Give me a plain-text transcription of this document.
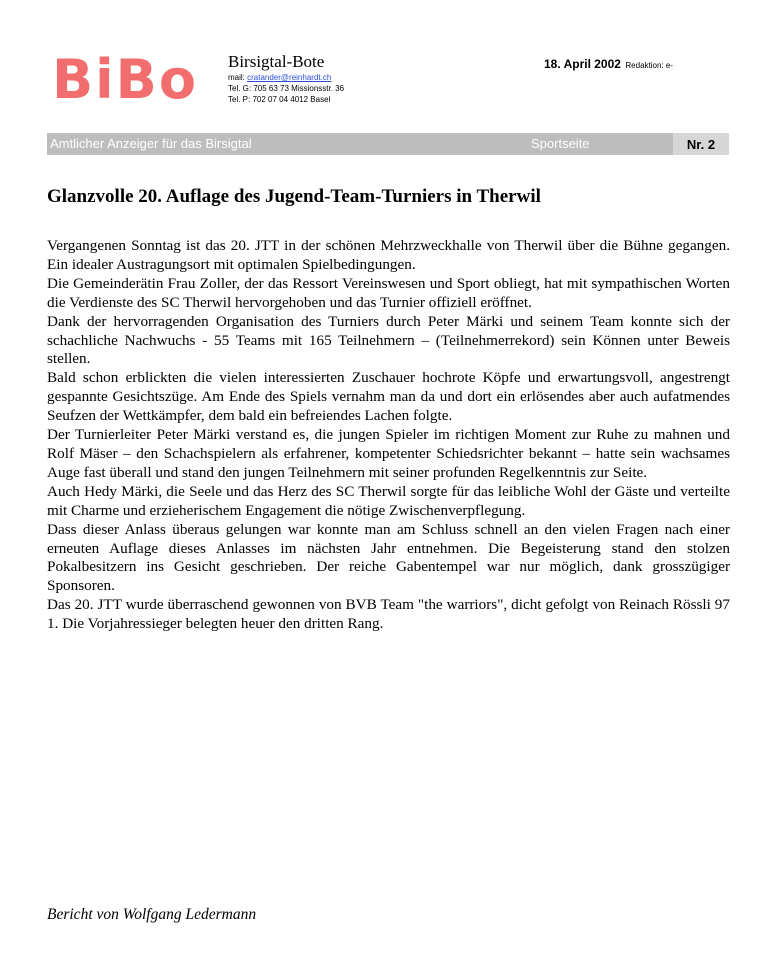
BiBo Birsigtal-Bote
mail: cratander@reinhardt.ch
Tel. G: 705 63 73 Missionsstr. 36
Tel. P: 702 07 04 4012 Basel
18. April 2002 Redaktion: e-
Amtlicher Anzeiger für das Birsigtal	Sportseite	Nr. 2
Glanzvolle 20. Auflage des Jugend-Team-Turniers in Therwil

Vergangenen Sonntag ist das 20. JTT in der schönen Mehrzweckhalle von Therwil über die Bühne gegangen. Ein idealer Austragungsort mit optimalen Spielbedingungen.

Die Gemeinderätin Frau Zoller, der das Ressort Vereinswesen und Sport obliegt, hat mit sympathischen Worten die Verdienste des SC Therwil hervorgehoben und das Turnier offiziell eröffnet.

Dank der hervorragenden Organisation des Turniers durch Peter Märki und seinem Team konnte sich der schachliche Nachwuchs - 55 Teams mit 165 Teilnehmern – (Teilnehmerrekord) sein Können unter Beweis stellen.

Bald schon erblickten die vielen interessierten Zuschauer hochrote Köpfe und erwartungsvoll, angestrengt gespannte Gesichtszüge. Am Ende des Spiels vernahm man da und dort ein erlösendes aber auch aufatmendes Seufzen der Wettkämpfer, dem bald ein befreiendes Lachen folgte.

Der Turnierleiter Peter Märki verstand es, die jungen Spieler im richtigen Moment zur Ruhe zu mahnen und Rolf Mäser – den Schachspielern als erfahrener, kompetenter Schiedsrichter bekannt – hatte sein wachsames Auge fast überall und stand den jungen Teilnehmern mit seiner profunden Regelkenntnis zur Seite.

Auch Hedy Märki, die Seele und das Herz des SC Therwil sorgte für das leibliche Wohl der Gäste und verteilte mit Charme und erzieherischem Engagement die nötige Zwischenverpflegung.

Dass dieser Anlass überaus gelungen war konnte man am Schluss schnell an den vielen Fragen nach einer erneuten Auflage dieses Anlasses im nächsten Jahr entnehmen. Die Begeisterung stand den stolzen Pokalbesitzern ins Gesicht geschrieben. Der reiche Gabentempel war nur möglich, dank grosszügiger Sponsoren.

Das 20. JTT wurde überraschend gewonnen von BVB Team "the warriors", dicht gefolgt von Reinach Rössli 97 1. Die Vorjahressieger belegten heuer den dritten Rang.

Bericht von Wolfgang Ledermann
